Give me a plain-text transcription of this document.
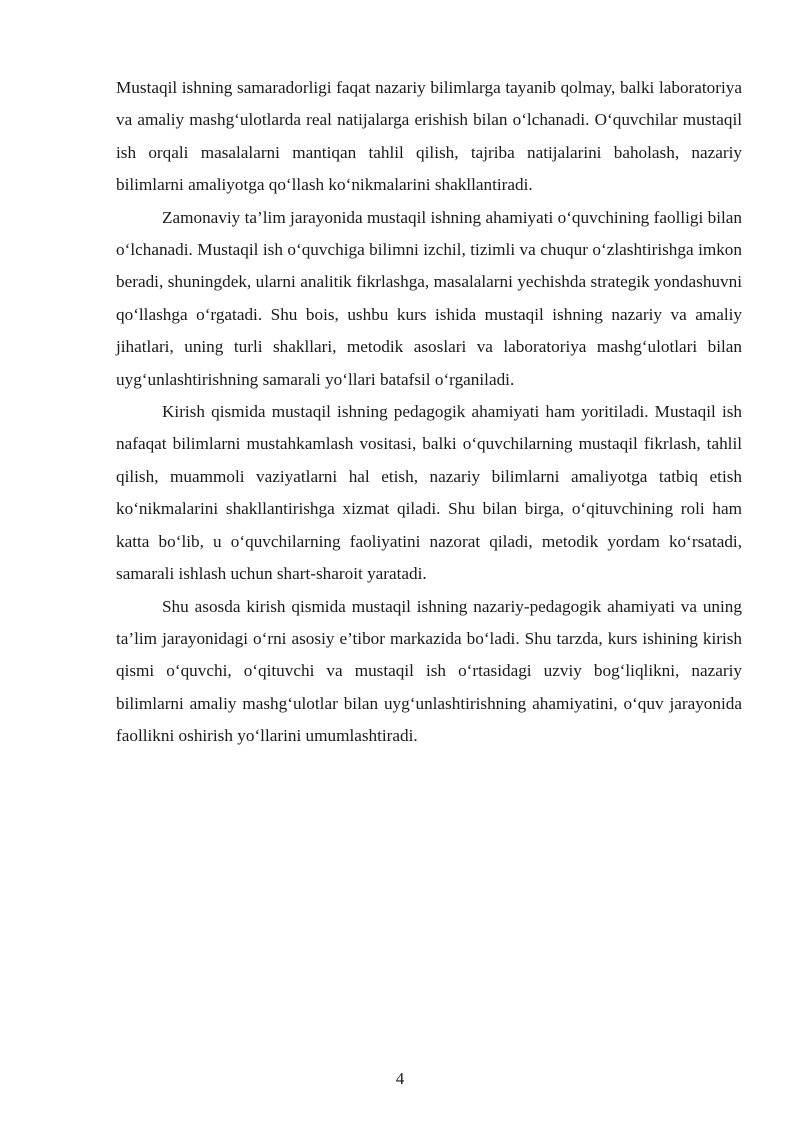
Mustaqil ishning samaradorligi faqat nazariy bilimlarga tayanib qolmay, balki laboratoriya va amaliy mashg‘ulotlarda real natijalarga erishish bilan o‘lchanadi. O‘quvchilar mustaqil ish orqali masalalarni mantiqan tahlil qilish, tajriba natijalarini baholash, nazariy bilimlarni amaliyotga qo‘llash ko‘nikmalarini shakllantiradi.

Zamonaviy ta’lim jarayonida mustaqil ishning ahamiyati o‘quvchining faolligi bilan o‘lchanadi. Mustaqil ish o‘quvchiga bilimni izchil, tizimli va chuqur o‘zlashtirishga imkon beradi, shuningdek, ularni analitik fikrlashga, masalalarni yechishda strategik yondashuvni qo‘llashga o‘rgatadi. Shu bois, ushbu kurs ishida mustaqil ishning nazariy va amaliy jihatlari, uning turli shakllari, metodik asoslari va laboratoriya mashg‘ulotlari bilan uyg‘unlashtirishning samarali yo‘llari batafsil o‘rganiladi.

Kirish qismida mustaqil ishning pedagogik ahamiyati ham yoritiladi. Mustaqil ish nafaqat bilimlarni mustahkamlash vositasi, balki o‘quvchilarning mustaqil fikrlash, tahlil qilish, muammoli vaziyatlarni hal etish, nazariy bilimlarni amaliyotga tatbiq etish ko‘nikmalarini shakllantirishga xizmat qiladi. Shu bilan birga, o‘qituvchining roli ham katta bo‘lib, u o‘quvchilarning faoliyatini nazorat qiladi, metodik yordam ko‘rsatadi, samarali ishlash uchun shart-sharoit yaratadi.

Shu asosda kirish qismida mustaqil ishning nazariy-pedagogik ahamiyati va uning ta’lim jarayonidagi o‘rni asosiy e’tibor markazida bo‘ladi. Shu tarzda, kurs ishining kirish qismi o‘quvchi, o‘qituvchi va mustaqil ish o‘rtasidagi uzviy bog‘liqlikni, nazariy bilimlarni amaliy mashg‘ulotlar bilan uyg‘unlashtirishning ahamiyatini, o‘quv jarayonida faollikni oshirish yo‘llarini umumlashtiradi.

4
